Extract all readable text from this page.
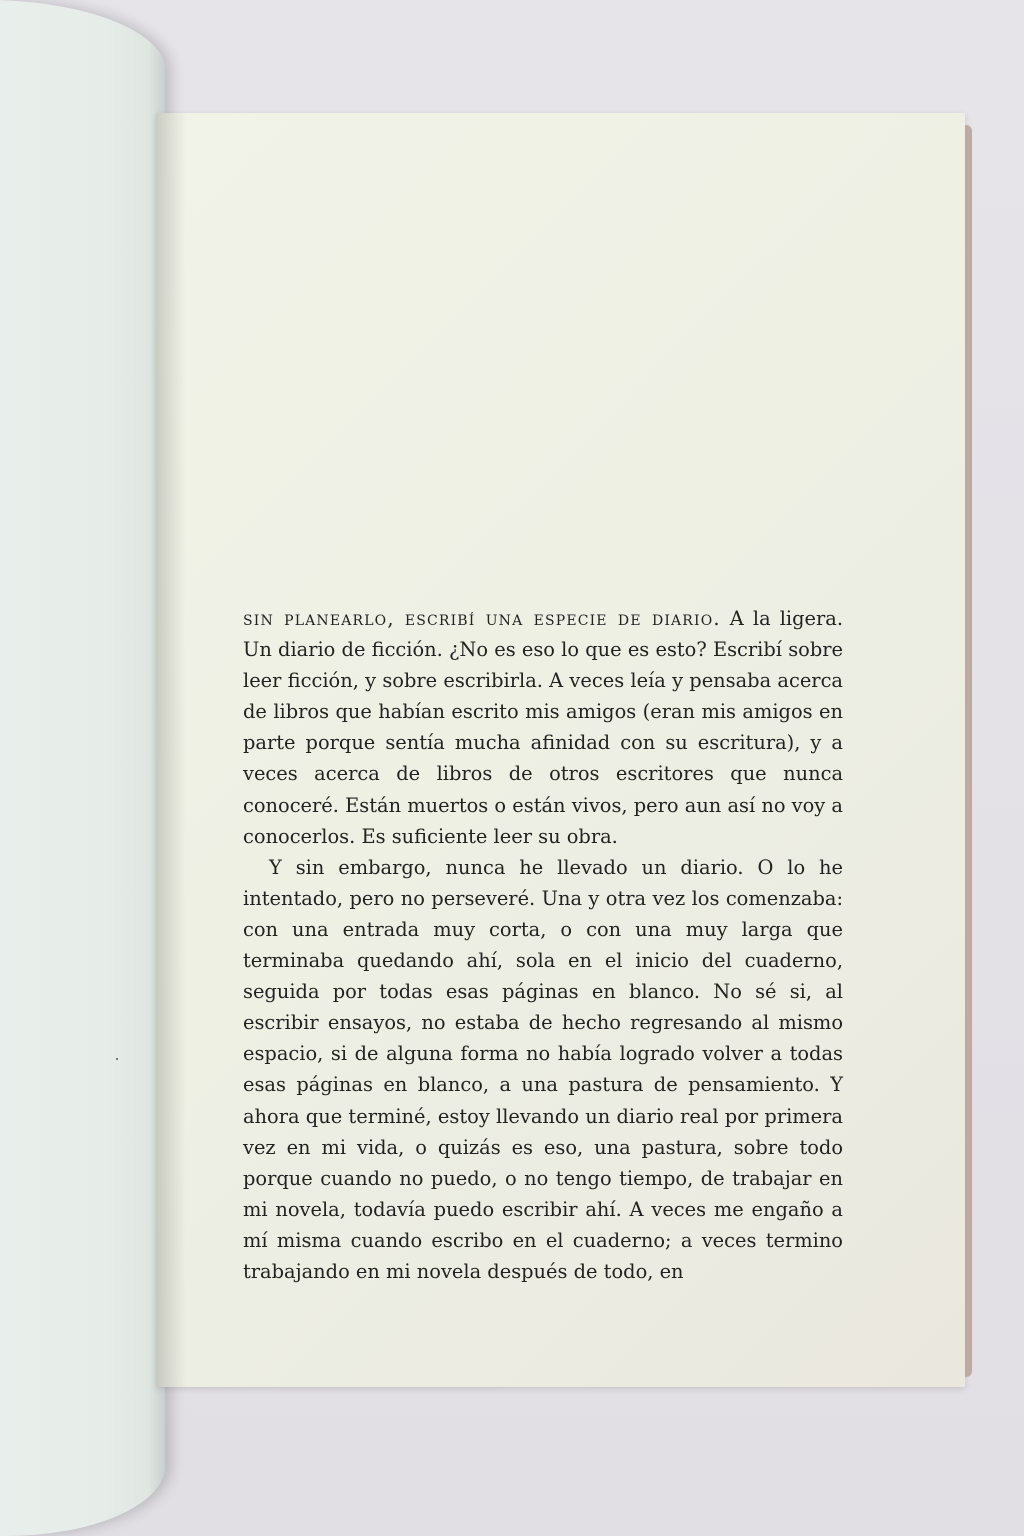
sin planearlo, escribí una especie de diario. A la ligera. Un diario de ficción. ¿No es eso lo que es esto? Escribí sobre leer ficción, y sobre escribirla. A veces leía y pensaba acerca de libros que habían escrito mis amigos (eran mis amigos en parte porque sentía mucha afinidad con su escritura), y a veces acerca de libros de otros escritores que nunca conoceré. Están muertos o están vivos, pero aun así no voy a conocerlos. Es suficiente leer su obra.

Y sin embargo, nunca he llevado un diario. O lo he intentado, pero no perseveré. Una y otra vez los comenzaba: con una entrada muy corta, o con una muy larga que terminaba quedando ahí, sola en el inicio del cuaderno, seguida por todas esas páginas en blanco. No sé si, al escribir ensayos, no estaba de hecho regresando al mismo espacio, si de alguna forma no había logrado volver a todas esas páginas en blanco, a una pastura de pensamiento. Y ahora que terminé, estoy llevando un diario real por primera vez en mi vida, o quizás es eso, una pastura, sobre todo porque cuando no puedo, o no tengo tiempo, de trabajar en mi novela, todavía puedo escribir ahí. A veces me engaño a mí misma cuando escribo en el cuaderno; a veces termino trabajando en mi novela después de todo, en
